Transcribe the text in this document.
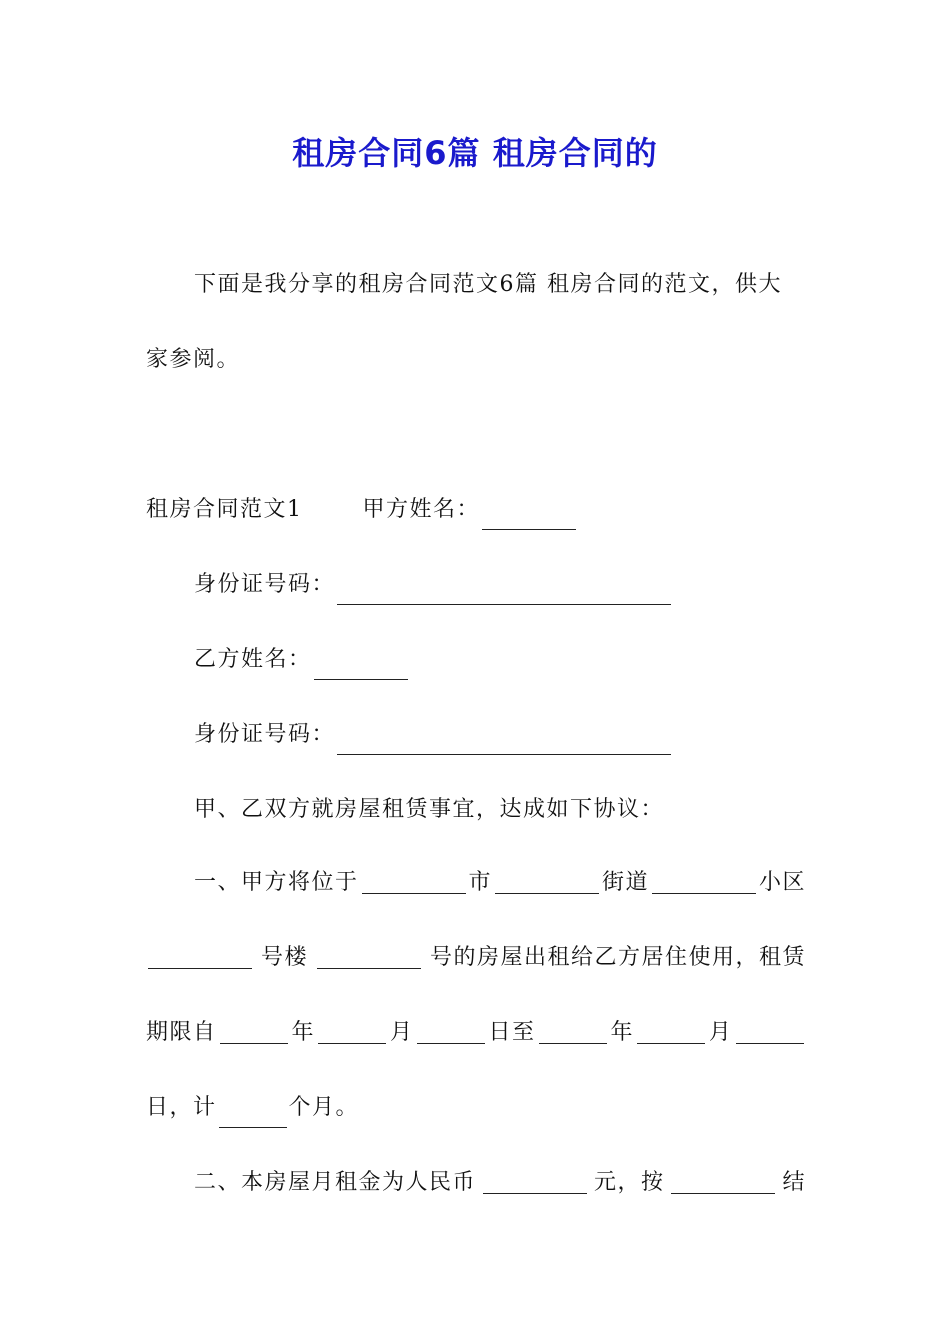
租房合同6篇 租房合同的
下面是我分享的租房合同范文6篇 租房合同的范文，供大
家参阅。
租房合同范文1	甲方姓名：
身份证号码：
乙方姓名：
身份证号码：
甲、乙双方就房屋租赁事宜，达成如下协议：
一、甲方将位于	市	街道	小区
号楼	号的房屋出租给乙方居住使用，租赁
期限自	年	月	日至	年	月
日，计	个月。
二、本房屋月租金为人民币	元，按	结
